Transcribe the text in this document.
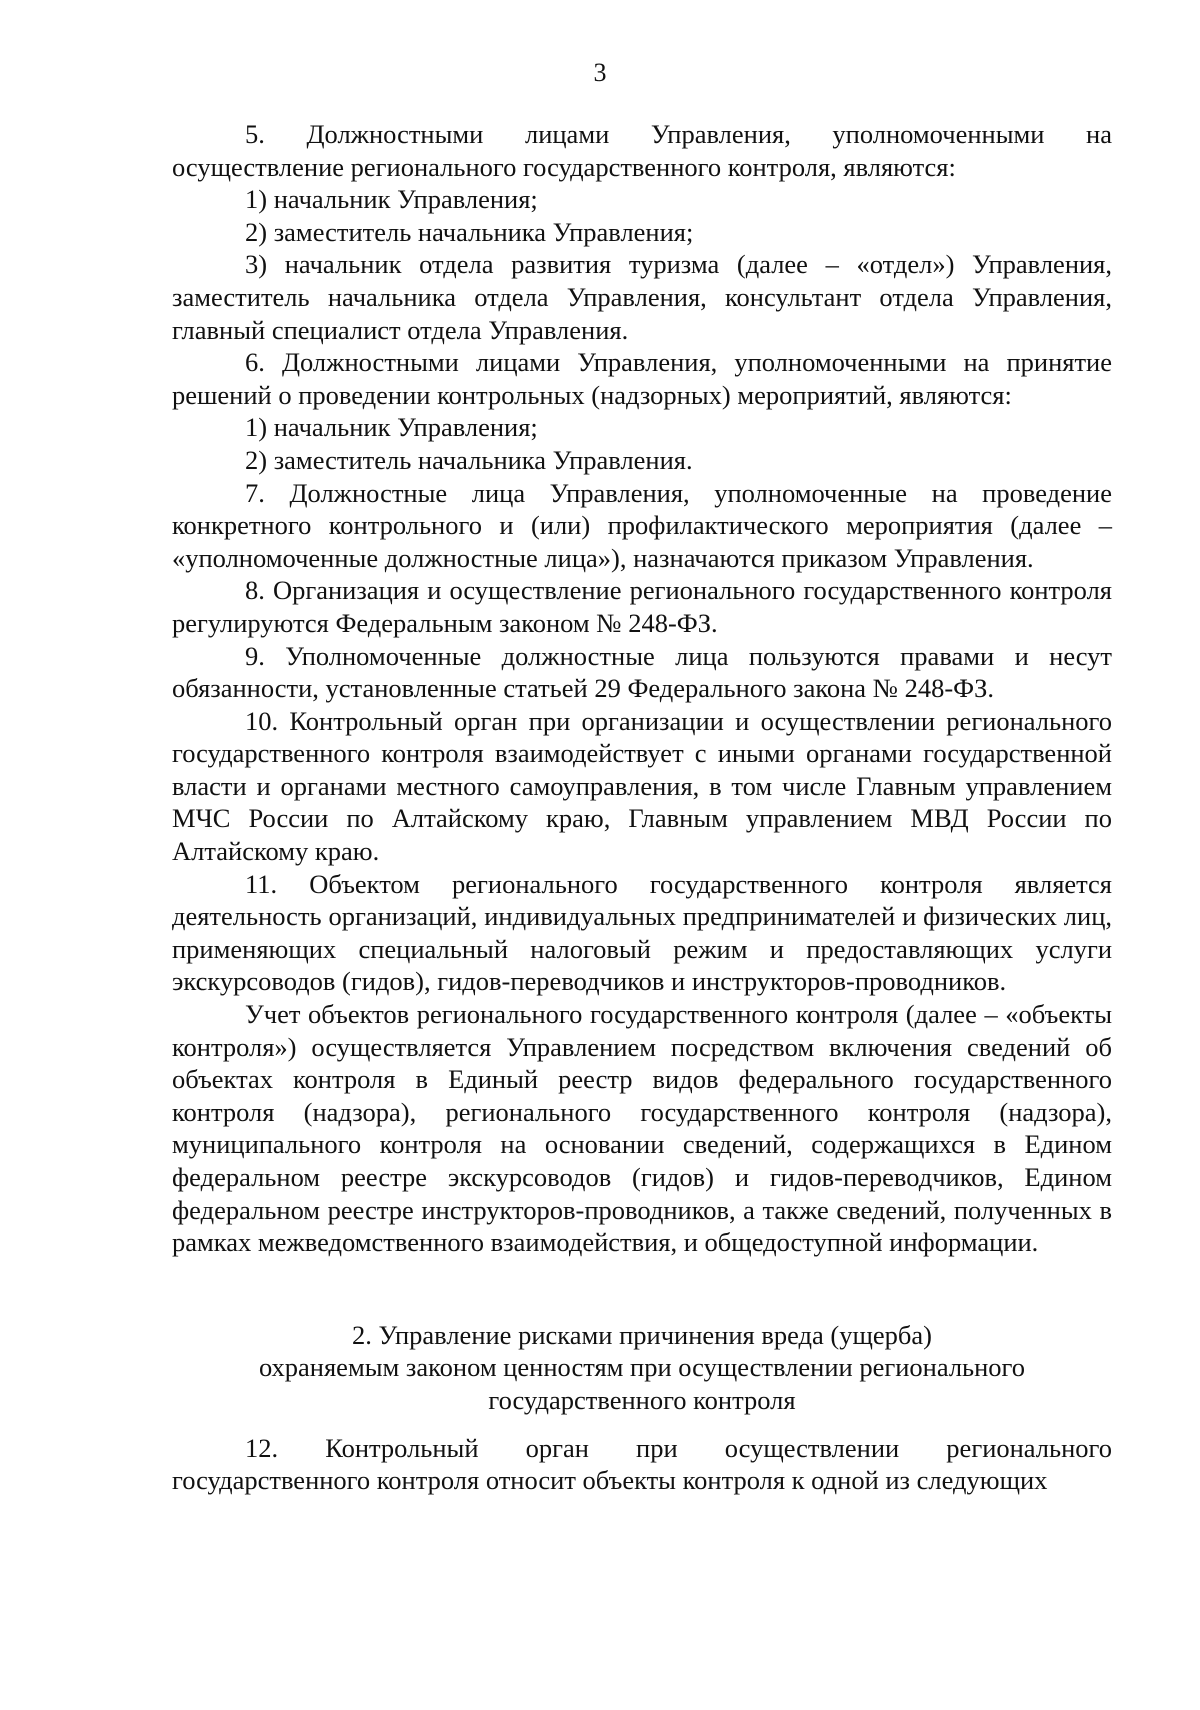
3

5. Должностными лицами Управления, уполномоченными на осуществление регионального государственного контроля, являются:

1) начальник Управления;

2) заместитель начальника Управления;

3) начальник отдела развития туризма (далее – «отдел») Управления, заместитель начальника отдела Управления, консультант отдела Управления, главный специалист отдела Управления.

6. Должностными лицами Управления, уполномоченными на принятие решений о проведении контрольных (надзорных) мероприятий, являются:

1) начальник Управления;

2) заместитель начальника Управления.

7. Должностные лица Управления, уполномоченные на проведение конкретного контрольного и (или) профилактического мероприятия (далее – «уполномоченные должностные лица»), назначаются приказом Управления.

8. Организация и осуществление регионального государственного контроля регулируются Федеральным законом № 248-ФЗ.

9. Уполномоченные должностные лица пользуются правами и несут обязанности, установленные статьей 29 Федерального закона № 248-ФЗ.

10. Контрольный орган при организации и осуществлении регионального государственного контроля взаимодействует с иными органами государственной власти и органами местного самоуправления, в том числе Главным управлением МЧС России по Алтайскому краю, Главным управлением МВД России по Алтайскому краю.

11. Объектом регионального государственного контроля является деятельность организаций, индивидуальных предпринимателей и физических лиц, применяющих специальный налоговый режим и предоставляющих услуги экскурсоводов (гидов), гидов-переводчиков и инструкторов-проводников.

Учет объектов регионального государственного контроля (далее – «объекты контроля») осуществляется Управлением посредством включения сведений об объектах контроля в Единый реестр видов федерального государственного контроля (надзора), регионального государственного контроля (надзора), муниципального контроля на основании сведений, содержащихся в Едином федеральном реестре экскурсоводов (гидов) и гидов-переводчиков, Едином федеральном реестре инструкторов-проводников, а также сведений, полученных в рамках межведомственного взаимодействия, и общедоступной информации.

2. Управление рисками причинения вреда (ущерба)
охраняемым законом ценностям при осуществлении регионального
государственного контроля

12. Контрольный орган при осуществлении регионального государственного контроля относит объекты контроля к одной из следующих
